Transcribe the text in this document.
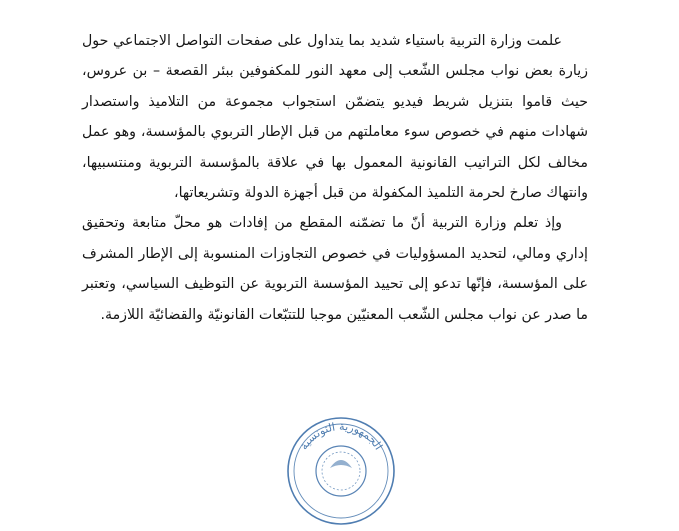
علمت وزارة التربية باستياء شديد بما يتداول على صفحات التواصل الاجتماعي حول زيارة بعض نواب مجلس الشّعب إلى معهد النور للمكفوفين ببئر القصعة – بن عروس، حيث قاموا بتنزيل شريط فيديو يتضمّن استجواب مجموعة من التلاميذ واستصدار شهادات منهم في خصوص سوء معاملتهم من قبل الإطار التربوي بالمؤسسة، وهو عمل مخالف لكل التراتيب القانونية المعمول بها في علاقة بالمؤسسة التربوية ومنتسبيها، وانتهاك صارخ لحرمة التلميذ المكفولة من قبل أجهزة الدولة وتشريعاتها،

وإذ تعلم وزارة التربية أنّ ما تضمّنه المقطع من إفادات هو محلّ متابعة وتحقيق إداري ومالي، لتحديد المسؤوليات في خصوص التجاوزات المنسوبة إلى الإطار المشرف على المؤسسة، فإنّها تدعو إلى تحييد المؤسسة التربوية عن التوظيف السياسي، وتعتبر ما صدر عن نواب مجلس الشّعب المعنيّين موجبا للتتبّعات القانونيّة والقضائيّة اللازمة.

الجمهورية التونسية
